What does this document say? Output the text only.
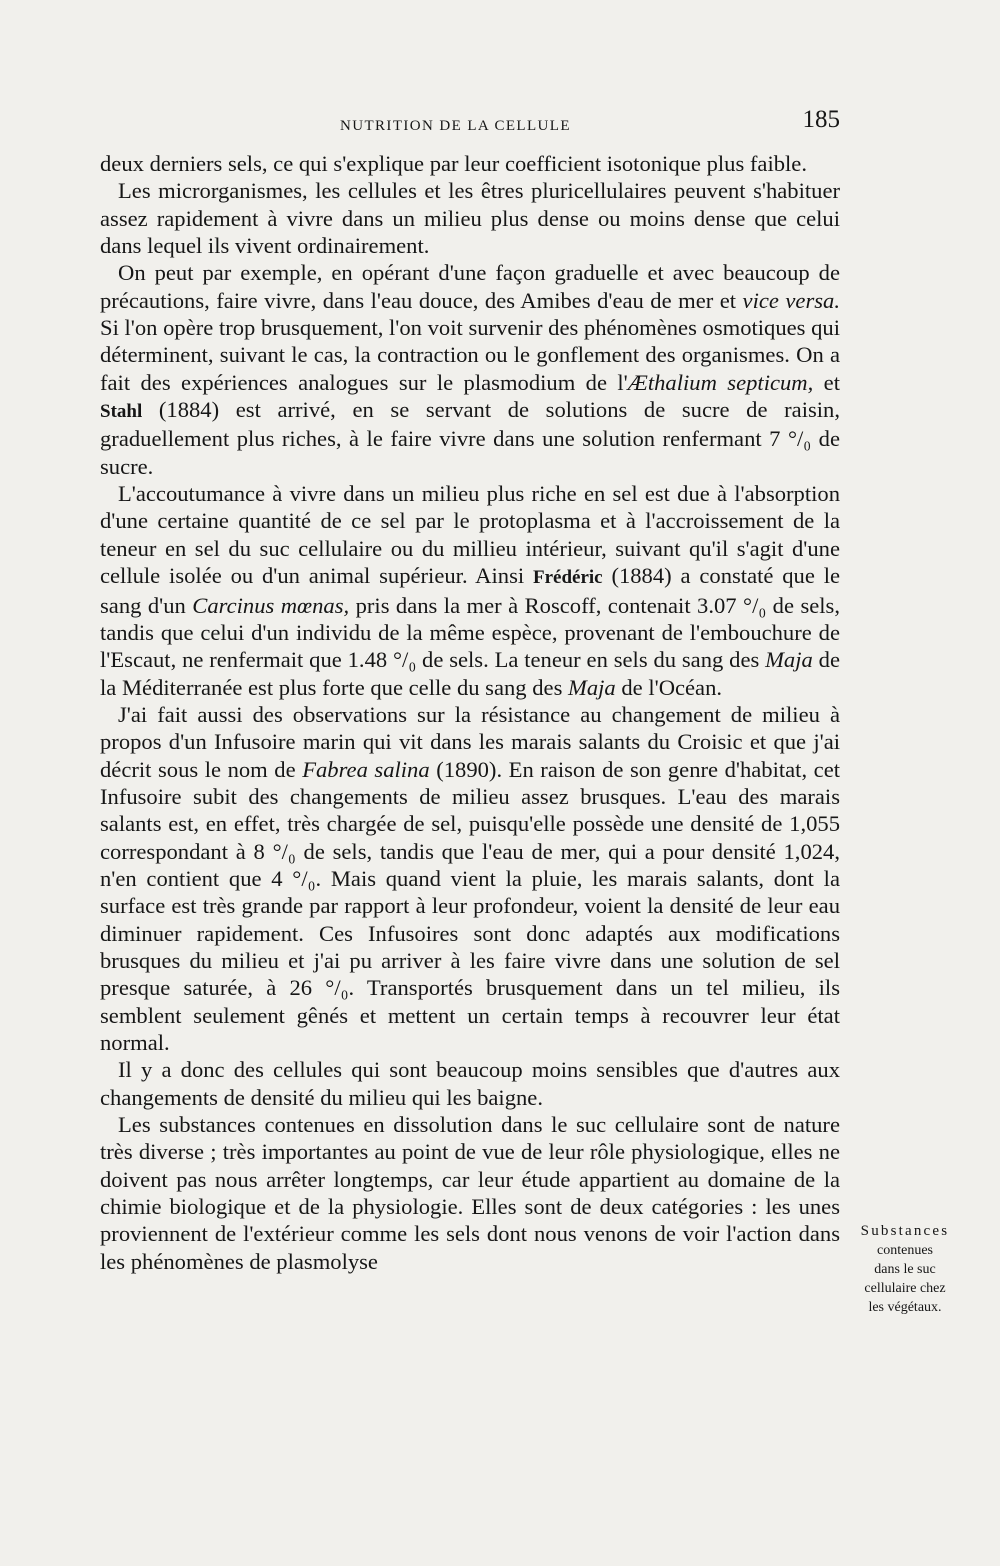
NUTRITION DE LA CELLULE	185

deux derniers sels, ce qui s'explique par leur coefficient isotonique plus faible.

Les microrganismes, les cellules et les êtres pluricellulaires peuvent s'habituer assez rapidement à vivre dans un milieu plus dense ou moins dense que celui dans lequel ils vivent ordinairement.

On peut par exemple, en opérant d'une façon graduelle et avec beaucoup de précautions, faire vivre, dans l'eau douce, des Amibes d'eau de mer et vice versa. Si l'on opère trop brusquement, l'on voit survenir des phénomènes osmotiques qui déterminent, suivant le cas, la contraction ou le gonflement des organismes. On a fait des expériences analogues sur le plasmodium de l'Æthalium septicum, et Stahl (1884) est arrivé, en se servant de solutions de sucre de raisin, graduellement plus riches, à le faire vivre dans une solution renfermant 7 °/₀ de sucre.

L'accoutumance à vivre dans un milieu plus riche en sel est due à l'absorption d'une certaine quantité de ce sel par le protoplasma et à l'accroissement de la teneur en sel du suc cellulaire ou du millieu intérieur, suivant qu'il s'agit d'une cellule isolée ou d'un animal supérieur. Ainsi Frédéric (1884) a constaté que le sang d'un Carcinus mœnas, pris dans la mer à Roscoff, contenait 3.07 °/₀ de sels, tandis que celui d'un individu de la même espèce, provenant de l'embouchure de l'Escaut, ne renfermait que 1.48 °/₀ de sels. La teneur en sels du sang des Maja de la Méditerranée est plus forte que celle du sang des Maja de l'Océan.

J'ai fait aussi des observations sur la résistance au changement de milieu à propos d'un Infusoire marin qui vit dans les marais salants du Croisic et que j'ai décrit sous le nom de Fabrea salina (1890). En raison de son genre d'habitat, cet Infusoire subit des changements de milieu assez brusques. L'eau des marais salants est, en effet, très chargée de sel, puisqu'elle possède une densité de 1,055 correspondant à 8 °/₀ de sels, tandis que l'eau de mer, qui a pour densité 1,024, n'en contient que 4 °/₀. Mais quand vient la pluie, les marais salants, dont la surface est très grande par rapport à leur profondeur, voient la densité de leur eau diminuer rapidement. Ces Infusoires sont donc adaptés aux modifications brusques du milieu et j'ai pu arriver à les faire vivre dans une solution de sel presque saturée, à 26 °/₀. Transportés brusquement dans un tel milieu, ils semblent seulement gênés et mettent un certain temps à recouvrer leur état normal.

Il y a donc des cellules qui sont beaucoup moins sensibles que d'autres aux changements de densité du milieu qui les baigne.

Les substances contenues en dissolution dans le suc cellulaire sont de nature très diverse ; très importantes au point de vue de leur rôle physiologique, elles ne doivent pas nous arrêter longtemps, car leur étude appartient au domaine de la chimie biologique et de la physiologie. Elles sont de deux catégories : les unes proviennent de l'extérieur comme les sels dont nous venons de voir l'action dans les phénomènes de plasmolyse

Substances
contenues
dans le suc
cellulaire chez
les végétaux.
